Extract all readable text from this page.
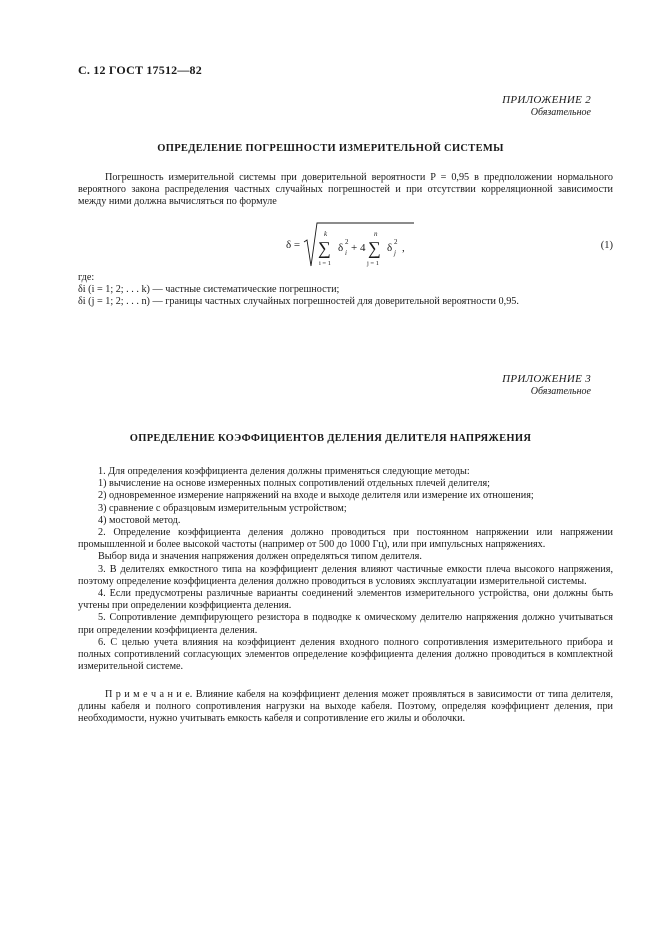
С. 12 ГОСТ 17512—82
ПРИЛОЖЕНИЕ 2
Обязательное
ОПРЕДЕЛЕНИЕ ПОГРЕШНОСТИ ИЗМЕРИТЕЛЬНОЙ СИСТЕМЫ

Погрешность измерительной системы при доверительной вероятности P = 0,95 в предположении нормального вероятного закона распределения частных случайных погрешностей и при отсутствии корреляционной зависимости между ними должна вычисляться по формуле

δ =
k
∑
i = 1
δ 2
i + 4
n
∑
j = 1
δ 2
j ,	(1)

где:

δi (i = 1; 2; . . . k) — частные систематические погрешности;

δi (j = 1; 2; . . . n) — границы частных случайных погрешностей для доверительной вероятности 0,95.

ПРИЛОЖЕНИЕ 3
Обязательное
ОПРЕДЕЛЕНИЕ КОЭФФИЦИЕНТОВ ДЕЛЕНИЯ ДЕЛИТЕЛЯ НАПРЯЖЕНИЯ

1. Для определения коэффициента деления должны применяться следующие методы:

1) вычисление на основе измеренных полных сопротивлений отдельных плечей делителя;

2) одновременное измерение напряжений на входе и выходе делителя или измерение их отношения;

3) сравнение с образцовым измерительным устройством;

4) мостовой метод.

2. Определение коэффициента деления должно проводиться при постоянном напряжении или напряжении промышленной и более высокой частоты (например от 500 до 1000 Гц), или при импульсных напряжениях.

Выбор вида и значения напряжения должен определяться типом делителя.

3. В делителях емкостного типа на коэффициент деления влияют частичные емкости плеча высокого напряжения, поэтому определение коэффициента деления должно проводиться в условиях эксплуатации измерительной системы.

4. Если предусмотрены различные варианты соединений элементов измерительного устройства, они должны быть учтены при определении коэффициента деления.

5. Сопротивление демпфирующего резистора в подводке к омическому делителю напряжения должно учитываться при определении коэффициента деления.

6. С целью учета влияния на коэффициент деления входного полного сопротивления измерительного прибора и полных сопротивлений согласующих элементов определение коэффициента деления должно проводиться в комплектной измерительной системе.

П р и м е ч а н и е. Влияние кабеля на коэффициент деления может проявляться в зависимости от типа делителя, длины кабеля и полного сопротивления нагрузки на выходе кабеля. Поэтому, определяя коэффициент деления, при необходимости, нужно учитывать емкость кабеля и сопротивление его жилы и оболочки.
